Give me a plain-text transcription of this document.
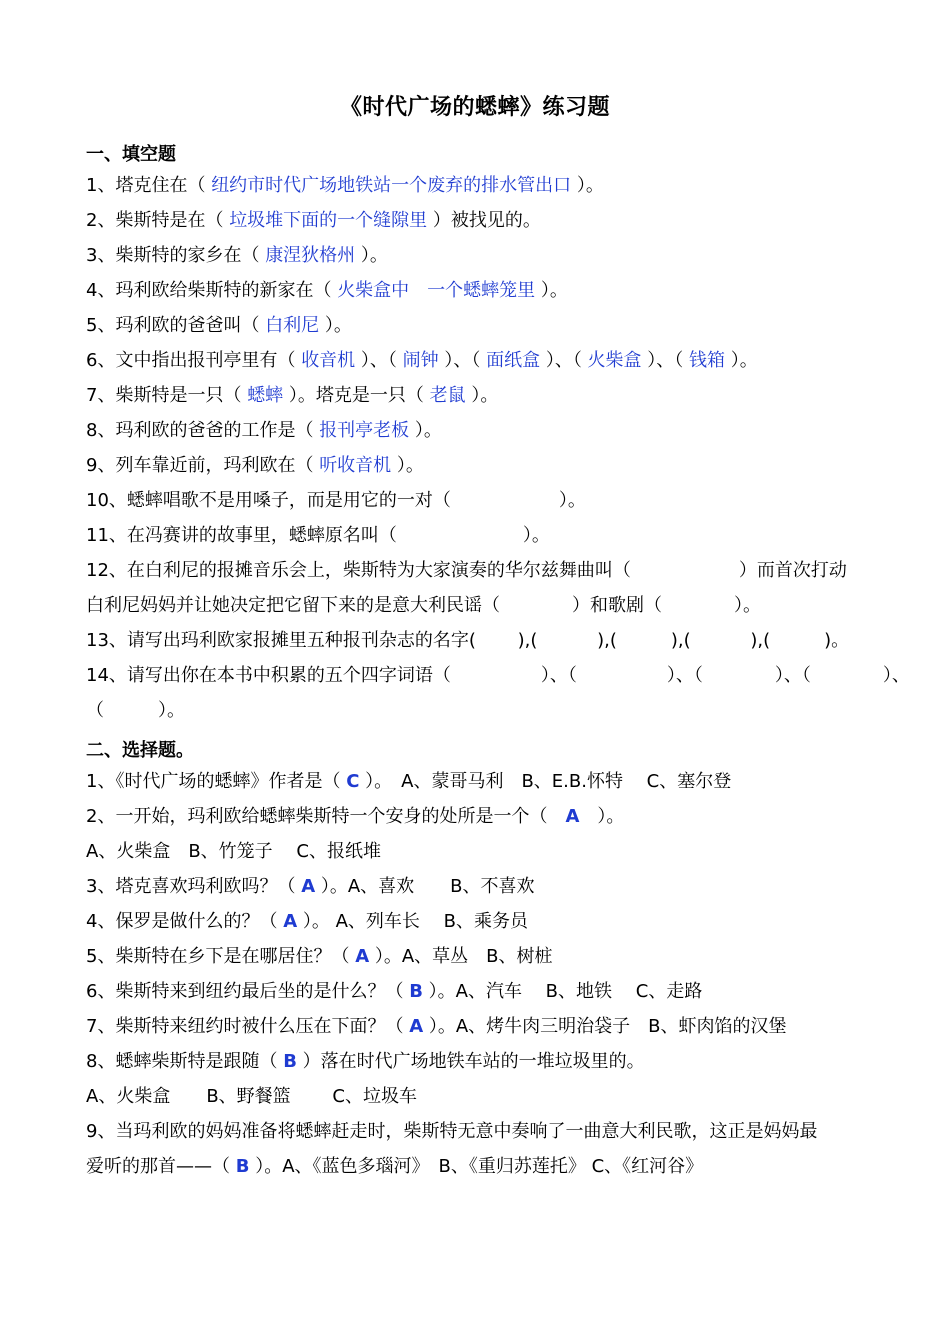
《时代广场的蟋蟀》练习题
一、填空题
1、塔克住在（ 纽约市时代广场地铁站一个废弃的排水管出口 ）。
2、柴斯特是在（ 垃圾堆下面的一个缝隙里 ）被找见的。
3、柴斯特的家乡在（ 康涅狄格州 ）。
4、玛利欧给柴斯特的新家在（ 火柴盒中　一个蟋蟀笼里 ）。
5、玛利欧的爸爸叫（ 白利尼 ）。
6、文中指出报刊亭里有（ 收音机 ）、（ 闹钟 ）、（ 面纸盒 ）、（ 火柴盒 ）、（ 钱箱 ）。
7、柴斯特是一只（ 蟋蟀 ）。塔克是一只（ 老鼠 ）。
8、玛利欧的爸爸的工作是（ 报刊亭老板 ）。
9、列车靠近前，玛利欧在（ 听收音机 ）。
10、蟋蟀唱歌不是用嗓子，而是用它的一对（　　　　　　）。
11、在冯赛讲的故事里，蟋蟀原名叫（　　　　　　　）。
12、在白利尼的报摊音乐会上，柴斯特为大家演奏的华尔兹舞曲叫（　　　　　　）而首次打动
白利尼妈妈并让她决定把它留下来的是意大利民谣（　　　　）和歌剧（　　　　）。
13、请写出玛利欧家报摊里五种报刊杂志的名字(　　 ),(　　　 ),(　　　),(　　　 ),(　　　)。
14、请写出你在本书中积累的五个四字词语（　　　　　）、（　　　　　）、（　　　　）、（　　　　）、
（　　　）。
二、选择题。
1、《时代广场的蟋蟀》作者是（ C ）。　A、蒙哥马利　B、E.B.怀特　 C、塞尔登
2、一开始，玛利欧给蟋蟀柴斯特一个安身的处所是一个（　A　）。
A、火柴盒　B、竹笼子　 C、报纸堆
3、塔克喜欢玛利欧吗？（ A ）。A、喜欢　　B、不喜欢
4、保罗是做什么的？（ A ）。 A、列车长　 B、乘务员
5、柴斯特在乡下是在哪居住？（ A ）。A、草丛　B、树桩
6、柴斯特来到纽约最后坐的是什么？（ B ）。A、汽车　 B、地铁　 C、走路
7、柴斯特来纽约时被什么压在下面？（ A ）。A、烤牛肉三明治袋子　B、虾肉馅的汉堡
8、蟋蟀柴斯特是跟随（ B ）落在时代广场地铁车站的一堆垃圾里的。
A、火柴盒　　B、野餐篮　　 C、垃圾车
9、当玛利欧的妈妈准备将蟋蟀赶走时，柴斯特无意中奏响了一曲意大利民歌，这正是妈妈最
爱听的那首——（ B ）。A、《蓝色多瑙河》　B、《重归苏莲托》 C、《红河谷》
